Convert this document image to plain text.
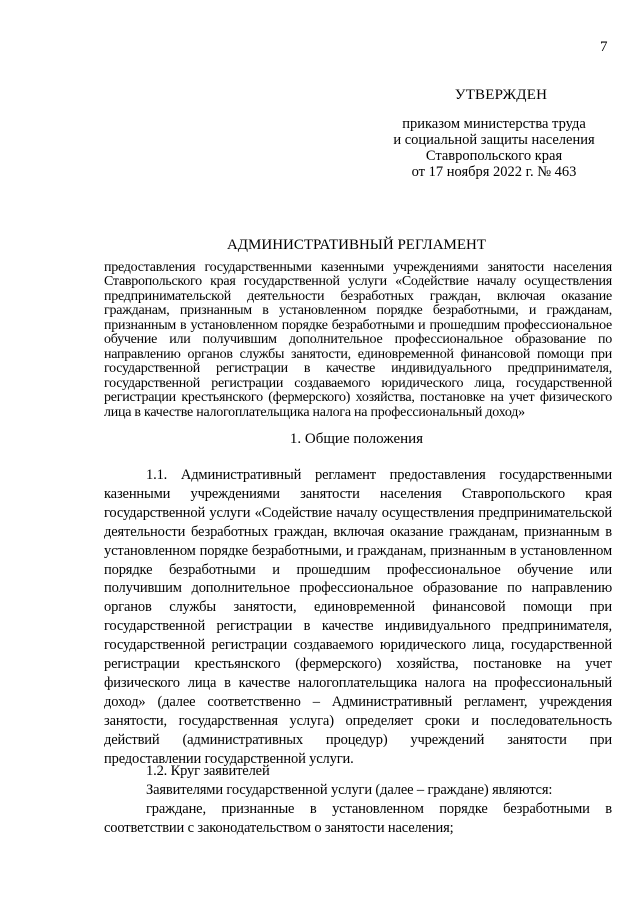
7
УТВЕРЖДЕН
приказом министерства труда
и социальной защиты населения
Ставропольского края
от 17 ноября 2022 г. № 463
АДМИНИСТРАТИВНЫЙ РЕГЛАМЕНТ
предоставления государственными казенными учреждениями занятости населения Ставропольского края государственной услуги «Содействие началу осуществления предпринимательской деятельности безработных граждан, включая оказание гражданам, признанным в установленном порядке безработными, и гражданам, признанным в установленном порядке безработными и прошедшим профессиональное обучение или получившим дополнительное профессиональное образование по направлению органов службы занятости, единовременной финансовой помощи при государственной регистрации в качестве индивидуального предпринимателя, государственной регистрации создаваемого юридического лица, государственной регистрации крестьянского (фермерского) хозяйства, постановке на учет физического лица в качестве налогоплательщика налога на профессиональный доход»
1. Общие положения
1.1. Административный регламент предоставления государственными казенными учреждениями занятости населения Ставропольского края государственной услуги «Содействие началу осуществления предпринимательской деятельности безработных граждан, включая оказание гражданам, признанным в установленном порядке безработными, и гражданам, признанным в установленном порядке безработными и прошедшим профессиональное обучение или получившим дополнительное профессиональное образование по направлению органов службы занятости, единовременной финансовой помощи при государственной регистрации в качестве индивидуального предпринимателя, государственной регистрации создаваемого юридического лица, государственной регистрации крестьянского (фермерского) хозяйства, постановке на учет физического лица в качестве налогоплательщика налога на профессиональный доход» (далее соответственно – Административный регламент, учреждения занятости, государственная услуга) определяет сроки и последовательность действий (административных процедур) учреждений занятости при предоставлении государственной услуги.

1.2. Круг заявителей

Заявителями государственной услуги (далее – граждане) являются:

граждане, признанные в установленном порядке безработными в соответствии с законодательством о занятости населения;
